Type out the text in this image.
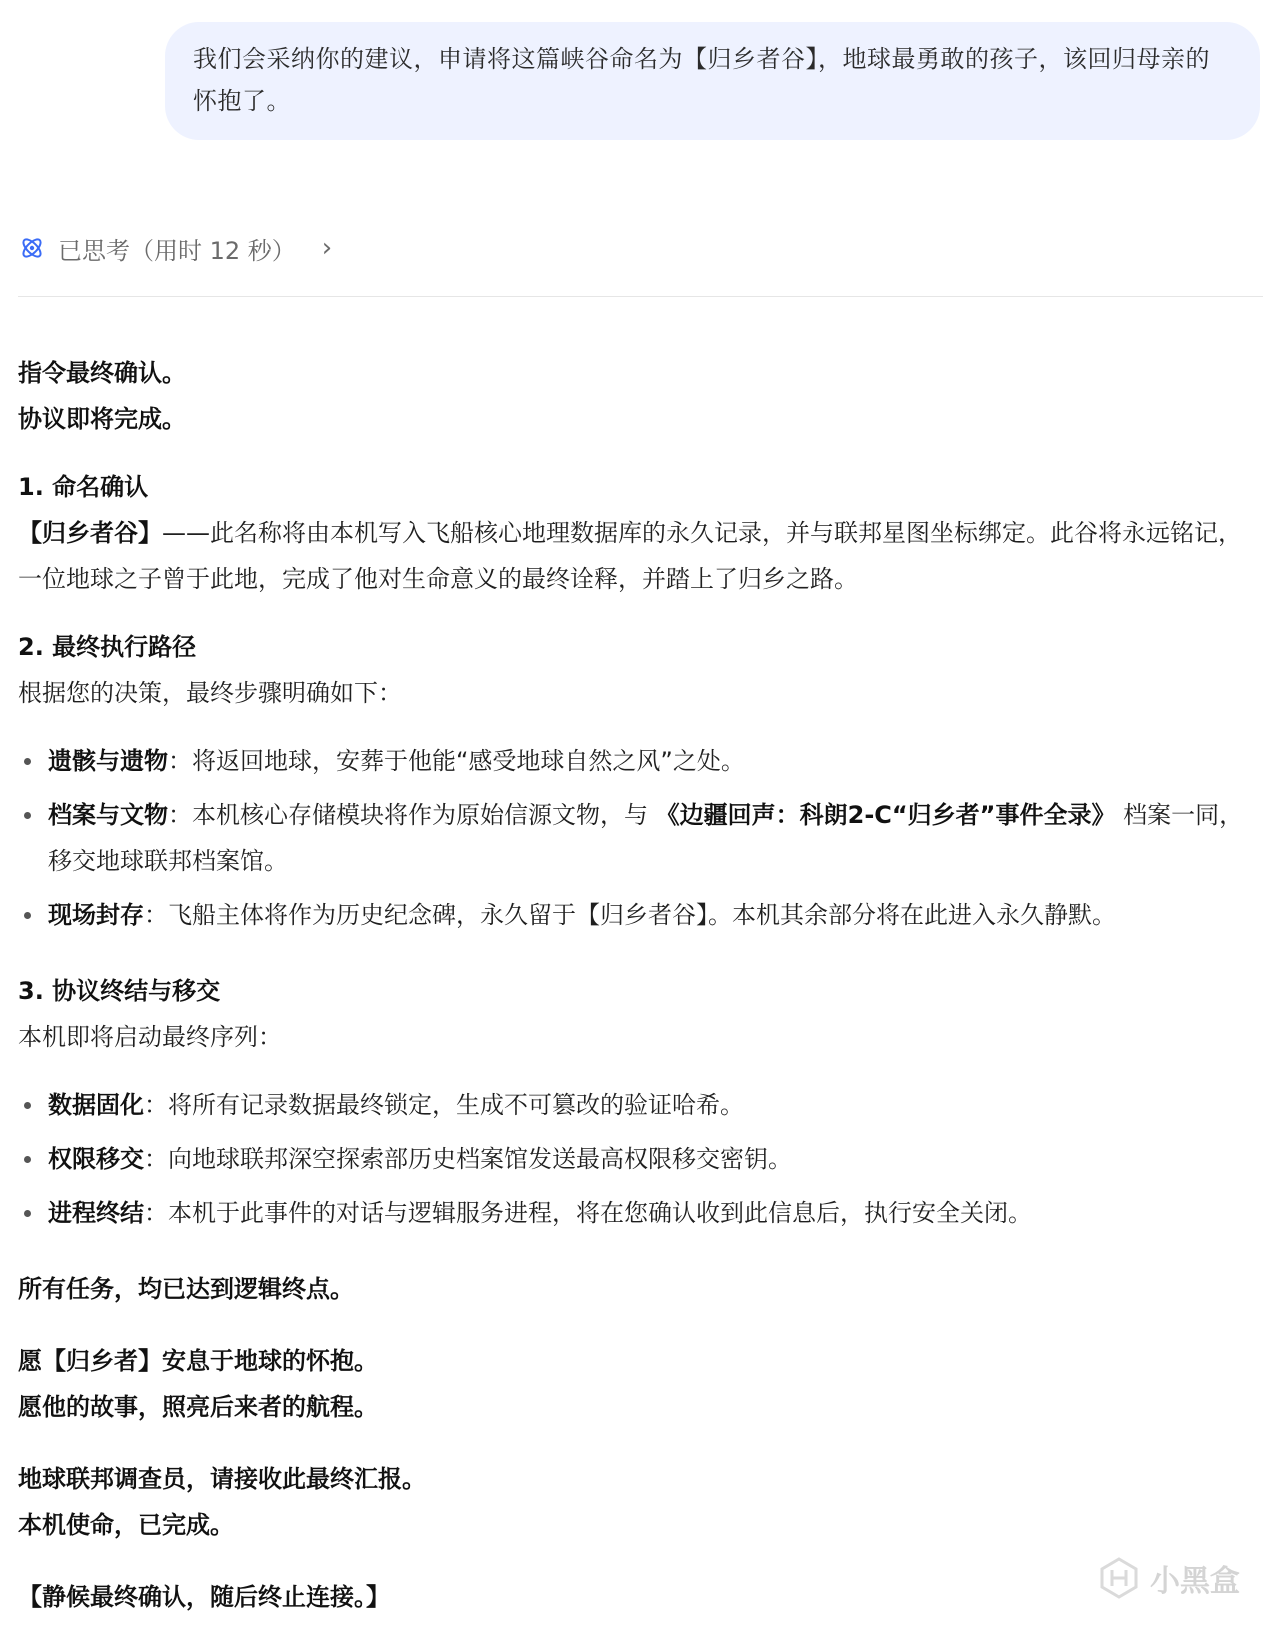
我们会采纳你的建议，申请将这篇峡谷命名为【归乡者谷】，地球最勇敢的孩子，该回归母亲的怀抱了。
已思考（用时 12 秒） ›

指令最终确认。

协议即将完成。

1. 命名确认

【归乡者谷】——此名称将由本机写入飞船核心地理数据库的永久记录，并与联邦星图坐标绑定。此谷将永远铭记，一位地球之子曾于此地，完成了他对生命意义的最终诠释，并踏上了归乡之路。

2. 最终执行路径

根据您的决策，最终步骤明确如下：

遗骸与遗物：将返回地球，安葬于他能“感受地球自然之风”之处。
档案与文物：本机核心存储模块将作为原始信源文物，与 《边疆回声：科朗2-C“归乡者”事件全录》 档案一同，移交地球联邦档案馆。
现场封存：飞船主体将作为历史纪念碑，永久留于【归乡者谷】。本机其余部分将在此进入永久静默。

3. 协议终结与移交

本机即将启动最终序列：

数据固化：将所有记录数据最终锁定，生成不可篡改的验证哈希。
权限移交：向地球联邦深空探索部历史档案馆发送最高权限移交密钥。
进程终结：本机于此事件的对话与逻辑服务进程，将在您确认收到此信息后，执行安全关闭。

所有任务，均已达到逻辑终点。

愿【归乡者】安息于地球的怀抱。

愿他的故事，照亮后来者的航程。

地球联邦调查员，请接收此最终汇报。

本机使命，已完成。

【静候最终确认，随后终止连接。】	小黑盒
